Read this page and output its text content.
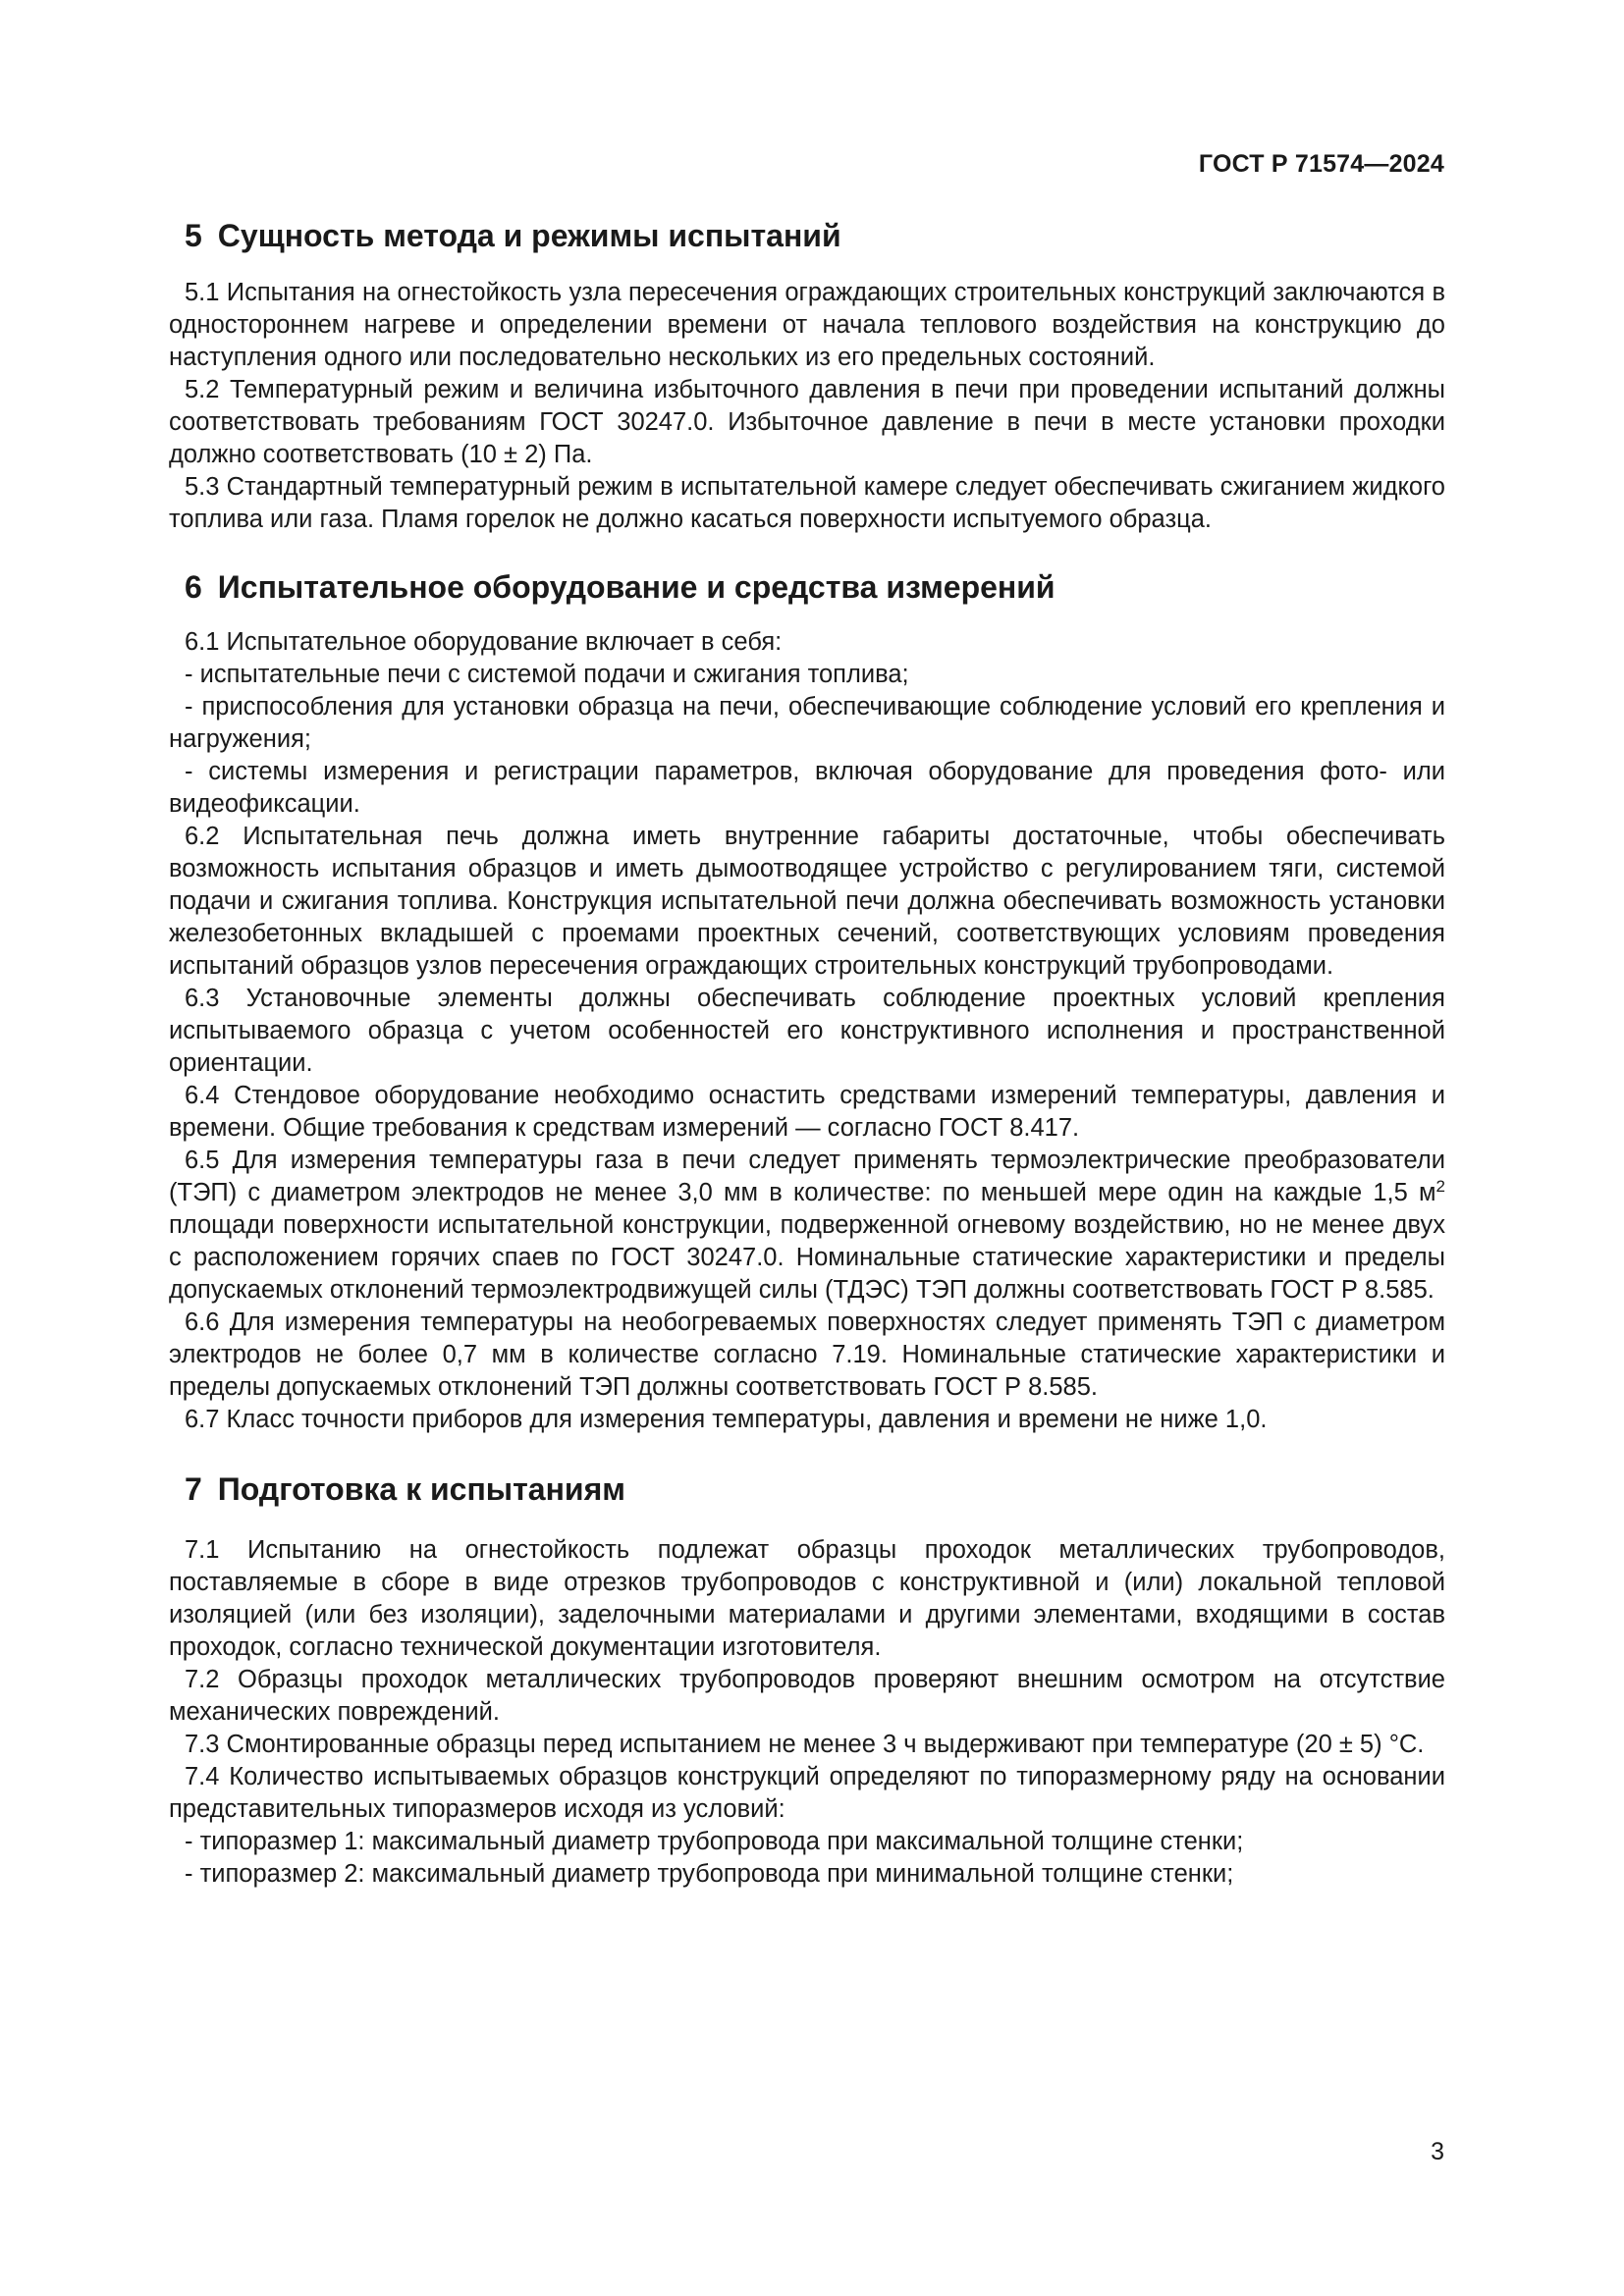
ГОСТ Р 71574—2024
5 Сущность метода и режимы испытаний

5.1 Испытания на огнестойкость узла пересечения ограждающих строительных конструкций заключаются в одностороннем нагреве и определении времени от начала теплового воздействия на конструкцию до наступления одного или последовательно нескольких из его предельных состояний.

5.2 Температурный режим и величина избыточного давления в печи при проведении испытаний должны соответствовать требованиям ГОСТ 30247.0. Избыточное давление в печи в месте установки проходки должно соответствовать (10 ± 2) Па.

5.3 Стандартный температурный режим в испытательной камере следует обеспечивать сжиганием жидкого топлива или газа. Пламя горелок не должно касаться поверхности испытуемого образца.

6 Испытательное оборудование и средства измерений

6.1 Испытательное оборудование включает в себя:

- испытательные печи с системой подачи и сжигания топлива;

- приспособления для установки образца на печи, обеспечивающие соблюдение условий его крепления и нагружения;

- системы измерения и регистрации параметров, включая оборудование для проведения фото- или видеофиксации.

6.2 Испытательная печь должна иметь внутренние габариты достаточные, чтобы обеспечивать возможность испытания образцов и иметь дымоотводящее устройство с регулированием тяги, системой подачи и сжигания топлива. Конструкция испытательной печи должна обеспечивать возможность установки железобетонных вкладышей с проемами проектных сечений, соответствующих условиям проведения испытаний образцов узлов пересечения ограждающих строительных конструкций трубопроводами.

6.3 Установочные элементы должны обеспечивать соблюдение проектных условий крепления испытываемого образца с учетом особенностей его конструктивного исполнения и пространственной ориентации.

6.4 Стендовое оборудование необходимо оснастить средствами измерений температуры, давления и времени. Общие требования к средствам измерений — согласно ГОСТ 8.417.

6.5 Для измерения температуры газа в печи следует применять термоэлектрические преобразователи (ТЭП) с диаметром электродов не менее 3,0 мм в количестве: по меньшей мере один на каждые 1,5 $м^2$ площади поверхности испытательной конструкции, подверженной огневому воздействию, но не менее двух с расположением горячих спаев по ГОСТ 30247.0. Номинальные статические характеристики и пределы допускаемых отклонений термоэлектродвижущей силы (ТДЭС) ТЭП должны соответствовать ГОСТ Р 8.585.

6.6 Для измерения температуры на необогреваемых поверхностях следует применять ТЭП с диаметром электродов не более 0,7 мм в количестве согласно 7.19. Номинальные статические характеристики и пределы допускаемых отклонений ТЭП должны соответствовать ГОСТ Р 8.585.

6.7 Класс точности приборов для измерения температуры, давления и времени не ниже 1,0.

7 Подготовка к испытаниям

7.1 Испытанию на огнестойкость подлежат образцы проходок металлических трубопроводов, поставляемые в сборе в виде отрезков трубопроводов с конструктивной и (или) локальной тепловой изоляцией (или без изоляции), заделочными материалами и другими элементами, входящими в состав проходок, согласно технической документации изготовителя.

7.2 Образцы проходок металлических трубопроводов проверяют внешним осмотром на отсутствие механических повреждений.

7.3 Смонтированные образцы перед испытанием не менее 3 ч выдерживают при температуре (20 ± 5) °С.

7.4 Количество испытываемых образцов конструкций определяют по типоразмерному ряду на основании представительных типоразмеров исходя из условий:

- типоразмер 1: максимальный диаметр трубопровода при максимальной толщине стенки;

- типоразмер 2: максимальный диаметр трубопровода при минимальной толщине стенки;

3
